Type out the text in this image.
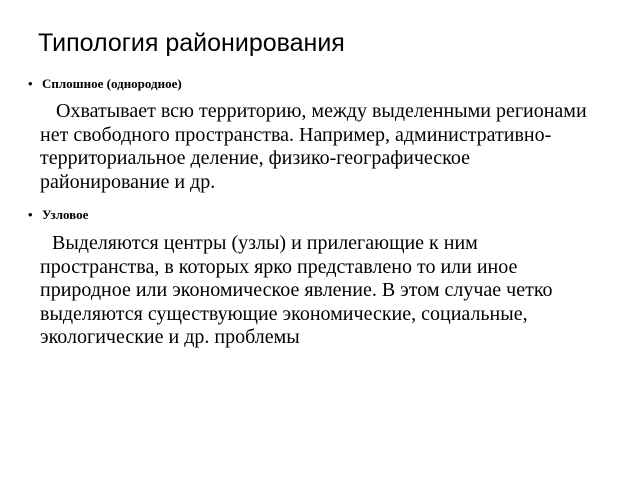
Типология районирования
• Сплошное (однородное)

Охватывает всю территорию, между выделенными регионами нет свободного пространства. Например, административно-территориальное деление, физико-географическое районирование и др.

• Узловое

Выделяются центры (узлы) и прилегающие к ним пространства, в которых ярко представлено то или иное природное или экономическое явление. В этом случае четко выделяются существующие экономические, социальные, экологические и др. проблемы
